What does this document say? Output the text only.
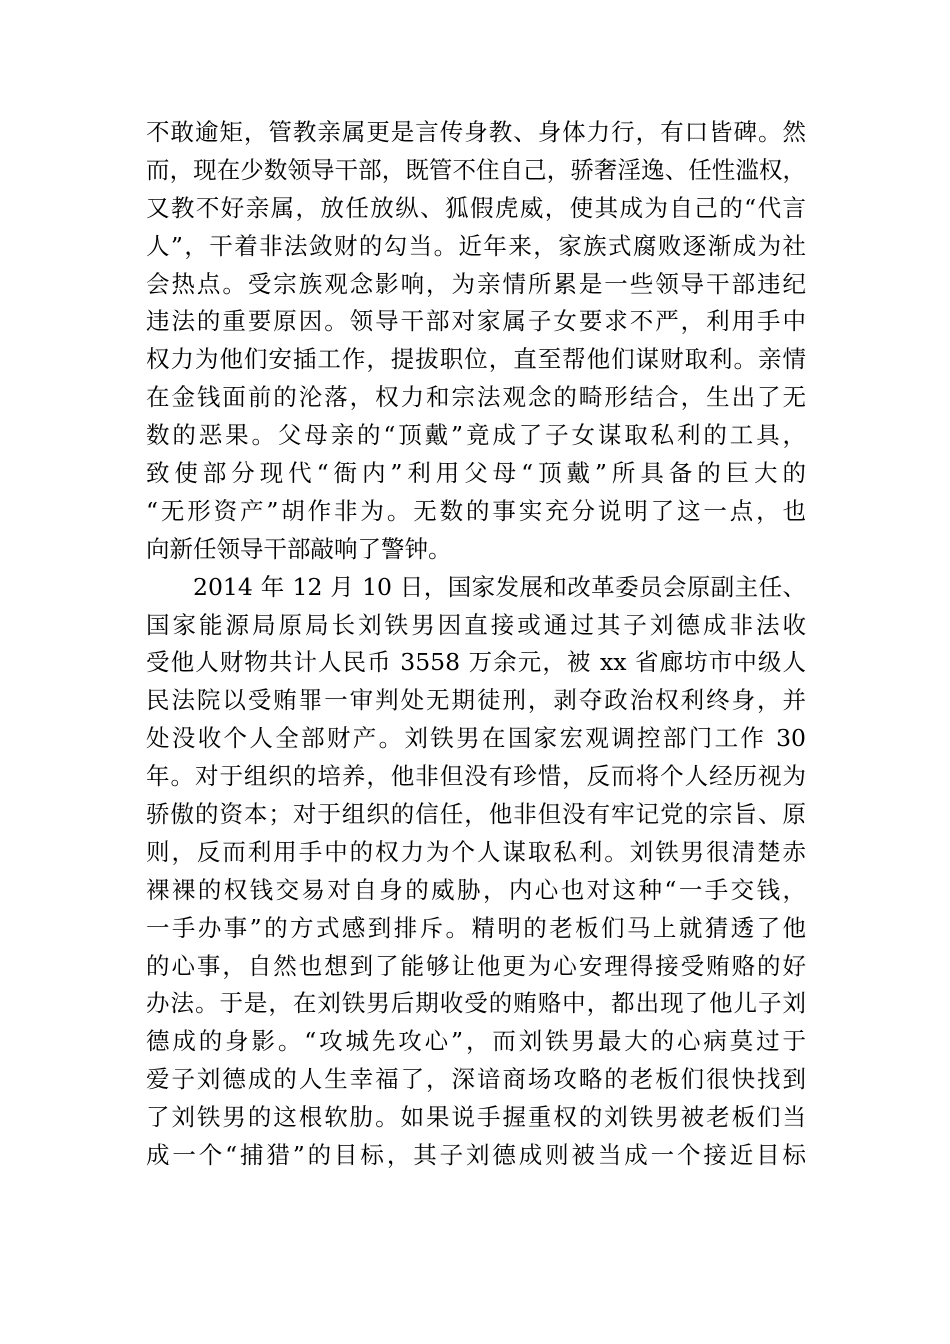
不敢逾矩，管教亲属更是言传身教、身体力行，有口皆碑。然
而，现在少数领导干部，既管不住自己，骄奢淫逸、任性滥权，
又教不好亲属，放任放纵、狐假虎威，使其成为自己的“代言
人”，干着非法敛财的勾当。近年来，家族式腐败逐渐成为社
会热点。受宗族观念影响，为亲情所累是一些领导干部违纪
违法的重要原因。领导干部对家属子女要求不严，利用手中
权力为他们安插工作，提拔职位，直至帮他们谋财取利。亲情
在金钱面前的沦落，权力和宗法观念的畸形结合，生出了无
数的恶果。父母亲的“顶戴”竟成了子女谋取私利的工具，
致使部分现代“衙内”利用父母“顶戴”所具备的巨大的
“无形资产”胡作非为。无数的事实充分说明了这一点，也
向新任领导干部敲响了警钟。
2014 年 12 月 10 日，国家发展和改革委员会原副主任、
国家能源局原局长刘铁男因直接或通过其子刘德成非法收
受他人财物共计人民币 3558 万余元，被 xx 省廊坊市中级人
民法院以受贿罪一审判处无期徒刑，剥夺政治权利终身，并
处没收个人全部财产。刘铁男在国家宏观调控部门工作 30
年。对于组织的培养，他非但没有珍惜，反而将个人经历视为
骄傲的资本；对于组织的信任，他非但没有牢记党的宗旨、原
则，反而利用手中的权力为个人谋取私利。刘铁男很清楚赤
裸裸的权钱交易对自身的威胁，内心也对这种“一手交钱，
一手办事”的方式感到排斥。精明的老板们马上就猜透了他
的心事，自然也想到了能够让他更为心安理得接受贿赂的好
办法。于是，在刘铁男后期收受的贿赂中，都出现了他儿子刘
德成的身影。“攻城先攻心”，而刘铁男最大的心病莫过于
爱子刘德成的人生幸福了，深谙商场攻略的老板们很快找到
了刘铁男的这根软肋。如果说手握重权的刘铁男被老板们当
成一个“捕猎”的目标，其子刘德成则被当成一个接近目标
